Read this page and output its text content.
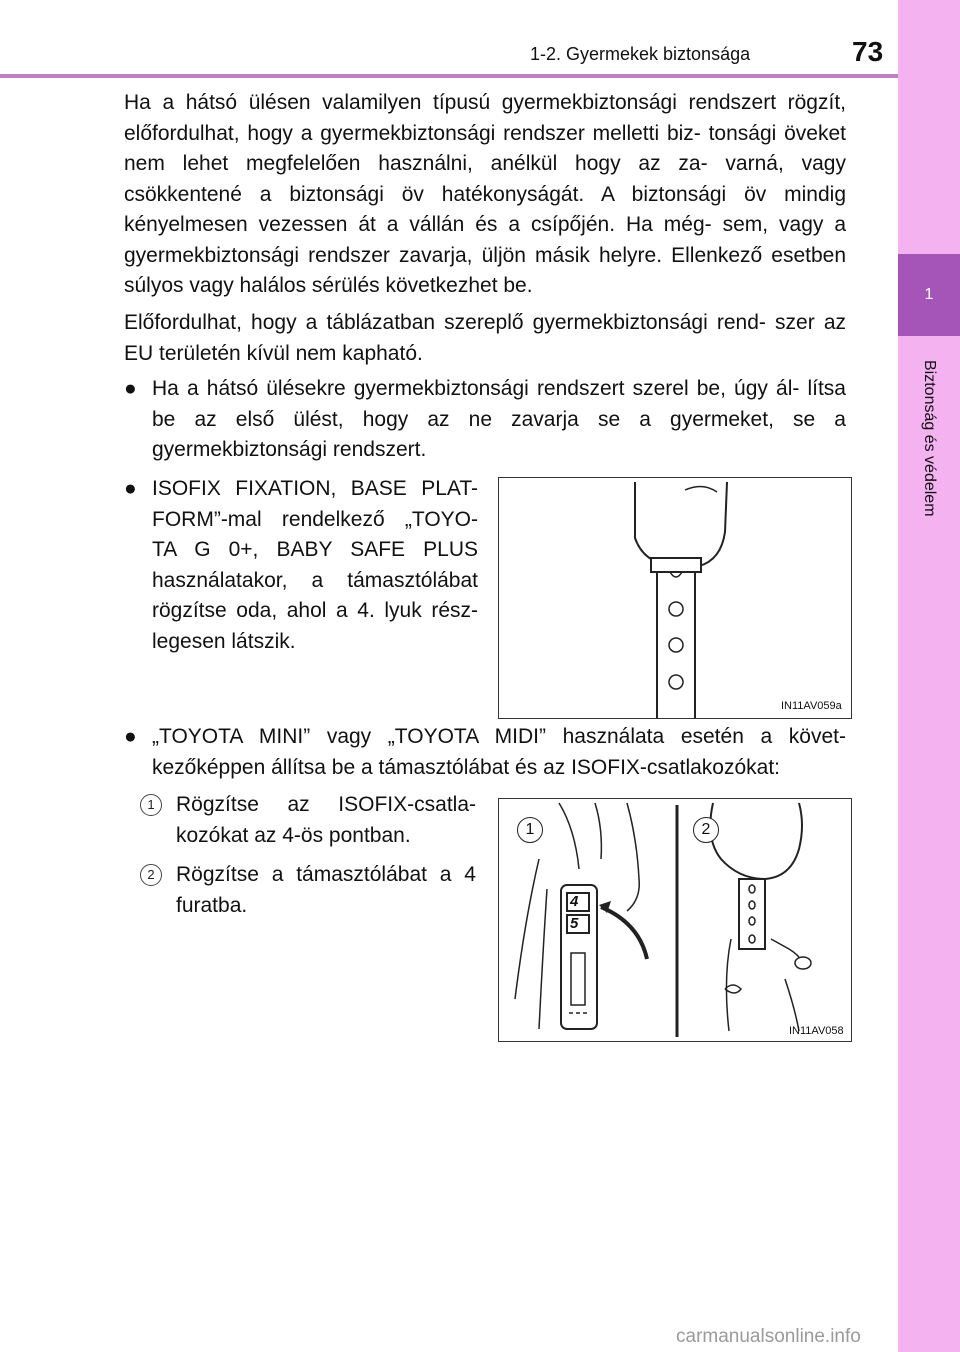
1-2. Gyermekek biztonsága	73
1
Biztonság és védelem
Ha a hátsó ülésen valamilyen típusú gyermekbiztonsági rendszert rögzít, előfordulhat, hogy a gyermekbiztonsági rendszer melletti biz- tonsági öveket nem lehet megfelelően használni, anélkül hogy az za- varná, vagy csökkentené a biztonsági öv hatékonyságát. A biztonsági öv mindig kényelmesen vezessen át a vállán és a csípőjén. Ha még- sem, vagy a gyermekbiztonsági rendszer zavarja, üljön másik helyre. Ellenkező esetben súlyos vagy halálos sérülés következhet be.
Előfordulhat, hogy a táblázatban szereplő gyermekbiztonsági rend- szer az EU területén kívül nem kapható.
● Ha a hátsó ülésekre gyermekbiztonsági rendszert szerel be, úgy ál- lítsa be az első ülést, hogy az ne zavarja se a gyermeket, se a gyermekbiztonsági rendszert.
● ISOFIX FIXATION, BASE PLAT- FORM”-mal rendelkező „TOYO- TA G 0+, BABY SAFE PLUS használatakor, a támasztólábat rögzítse oda, ahol a 4. lyuk rész- legesen látszik.
IN11AV059a
● „TOYOTA MINI” vagy „TOYOTA MIDI” használata esetén a követ- kezőképpen állítsa be a támasztólábat és az ISOFIX-csatlakozókat:
1	Rögzítse az ISOFIX-csatla- kozókat az 4-ös pontban.
2	Rögzítse a támasztólábat a 4 furatba.
1	2
4
5
IN11AV058
carmanualsonline.info
